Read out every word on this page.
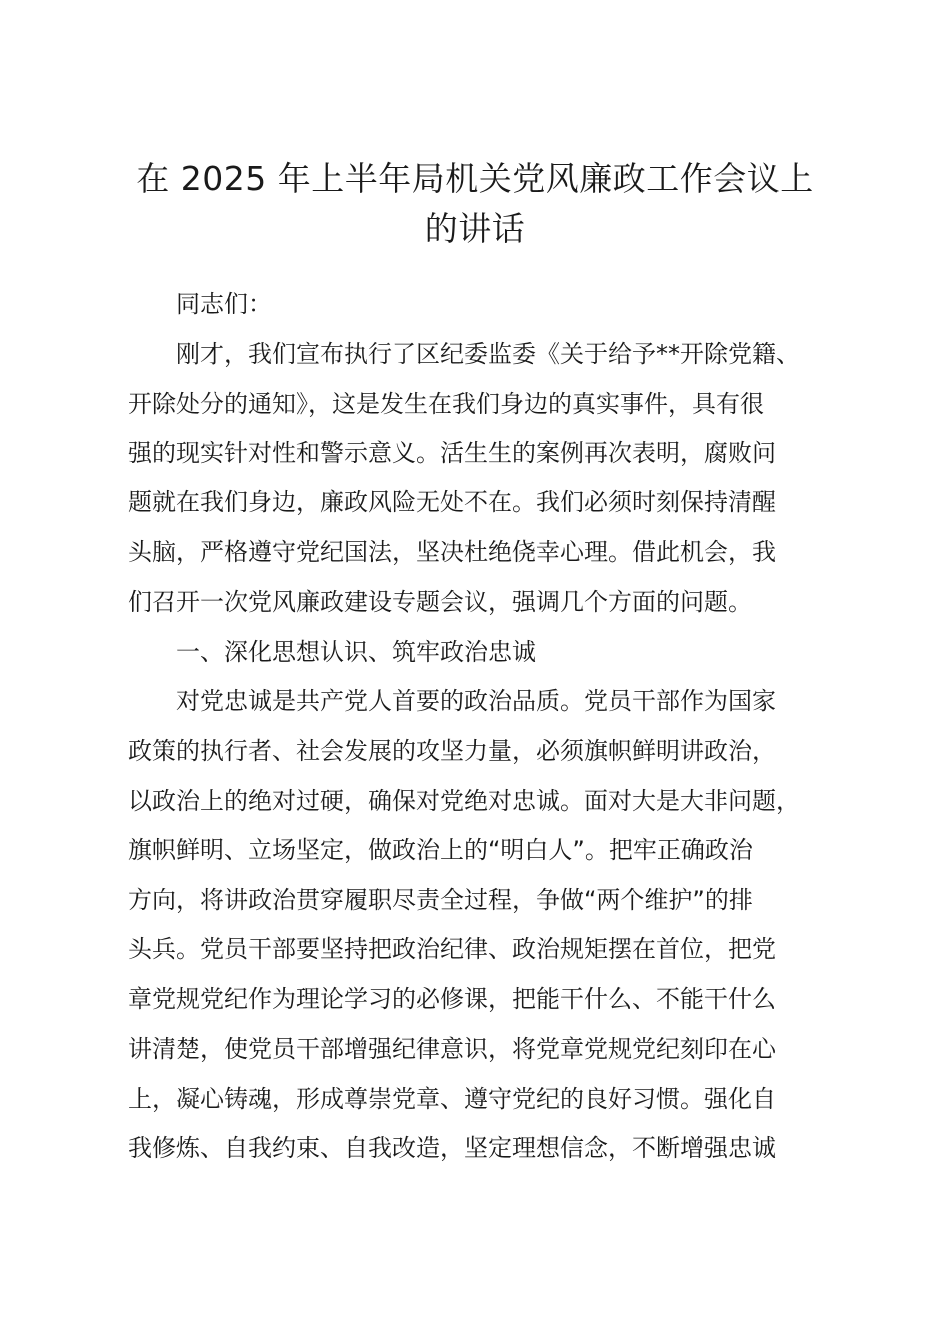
在 2025 年上半年局机关党风廉政工作会议上
的讲话

同志们：

刚才，我们宣布执行了区纪委监委《关于给予**开除党籍、

开除处分的通知》，这是发生在我们身边的真实事件，具有很

强的现实针对性和警示意义。活生生的案例再次表明，腐败问

题就在我们身边，廉政风险无处不在。我们必须时刻保持清醒

头脑，严格遵守党纪国法，坚决杜绝侥幸心理。借此机会，我

们召开一次党风廉政建设专题会议，强调几个方面的问题。

一、深化思想认识、筑牢政治忠诚

对党忠诚是共产党人首要的政治品质。党员干部作为国家

政策的执行者、社会发展的攻坚力量，必须旗帜鲜明讲政治，

以政治上的绝对过硬，确保对党绝对忠诚。面对大是大非问题，

旗帜鲜明、立场坚定，做政治上的“明白人”。把牢正确政治

方向，将讲政治贯穿履职尽责全过程，争做“两个维护”的排

头兵。党员干部要坚持把政治纪律、政治规矩摆在首位，把党

章党规党纪作为理论学习的必修课，把能干什么、不能干什么

讲清楚，使党员干部增强纪律意识，将党章党规党纪刻印在心

上，凝心铸魂，形成尊崇党章、遵守党纪的良好习惯。强化自

我修炼、自我约束、自我改造，坚定理想信念，不断增强忠诚
